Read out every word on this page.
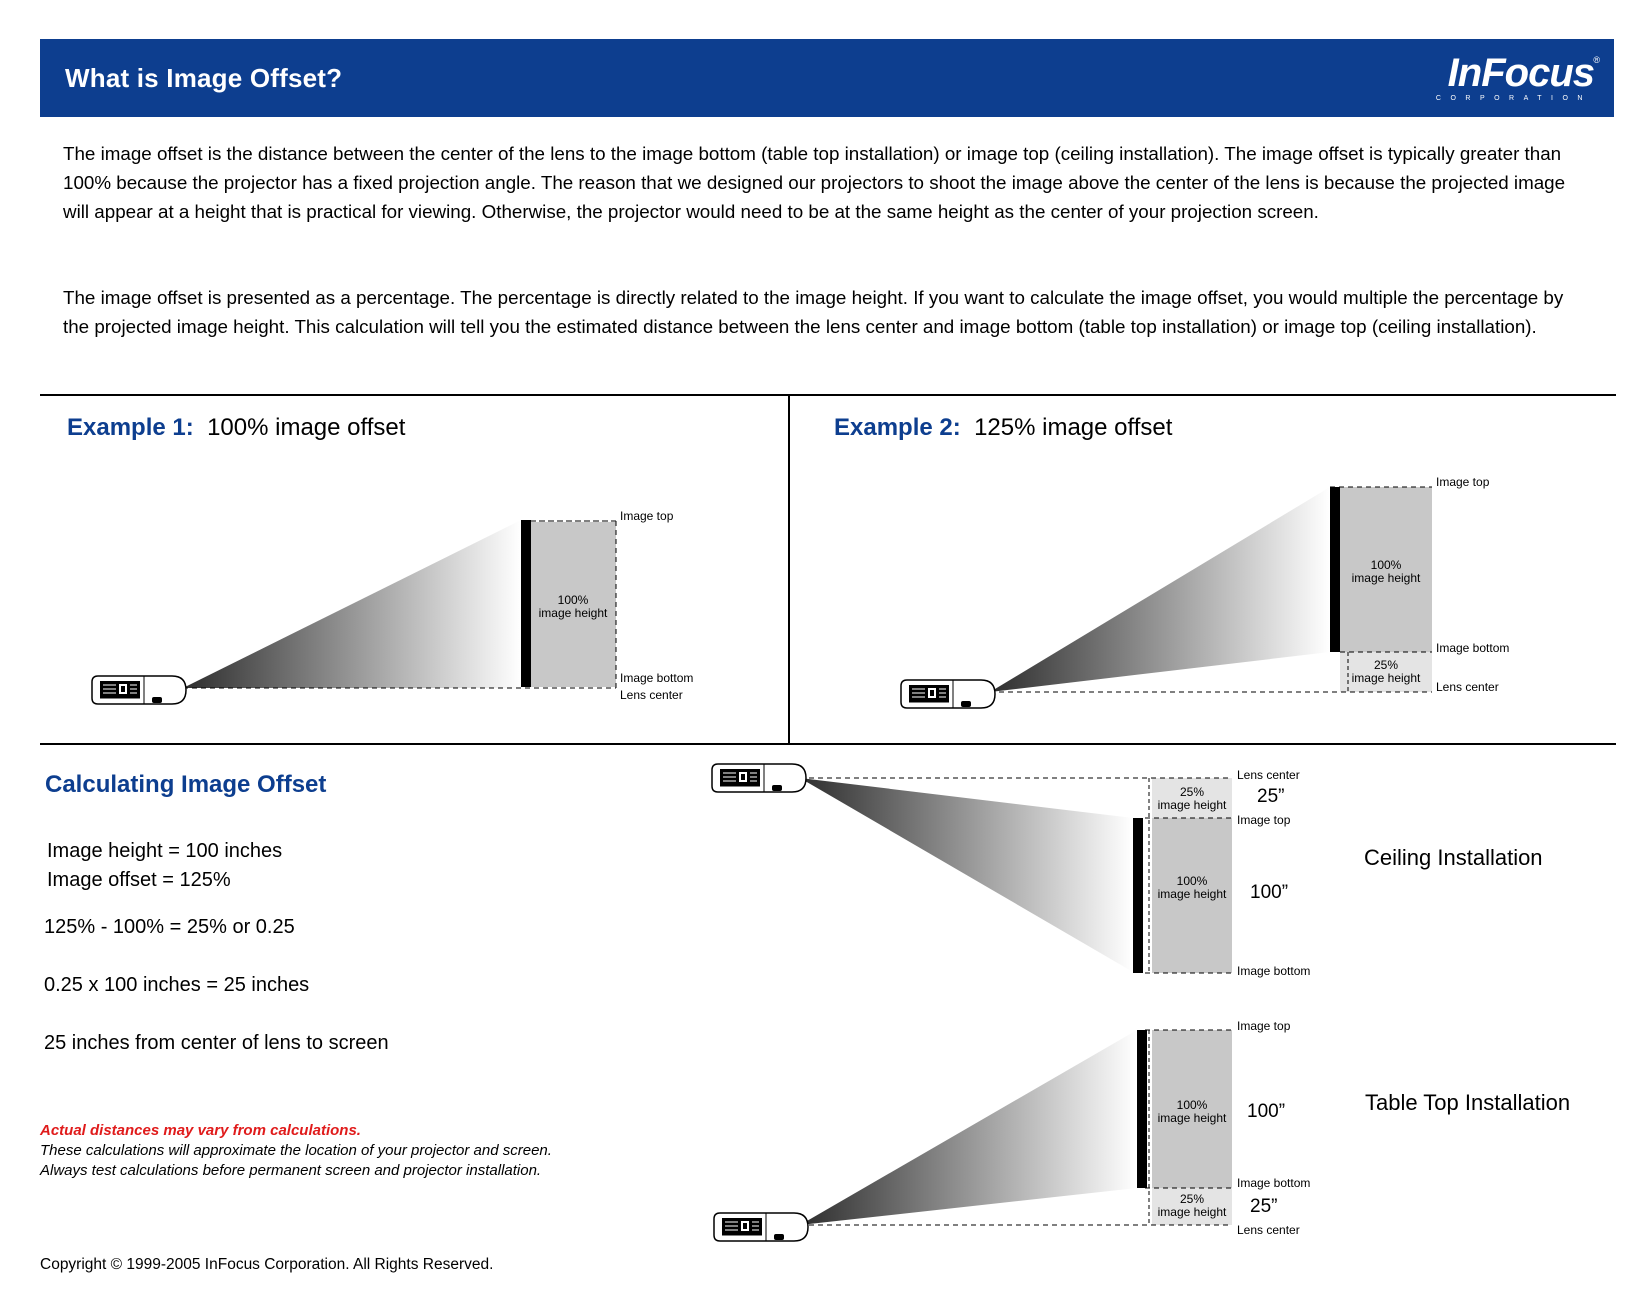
What is Image Offset?	InFocus ®
CORPORATION
The image offset is the distance between the center of the lens to the image bottom (table top installation) or image top (ceiling installation). The image offset is typically greater than 100% because the projector has a fixed projection angle. The reason that we designed our projectors to shoot the image above the center of the lens is because the projected image will appear at a height that is practical for viewing. Otherwise, the projector would need to be at the same height as the center of your projection screen.
The image offset is presented as a percentage. The percentage is directly related to the image height. If you want to calculate the image offset, you would multiple the percentage by the projected image height. This calculation will tell you the estimated distance between the lens center and image bottom (table top installation) or image top (ceiling installation).
Example 1: 100% image offset	Example 2: 125% image offset
Image top
Image bottom
Lens center
100%
image height
Image top
Image bottom
Lens center
100%
image height
25%
image height
Calculating Image Offset
Image height = 100 inches
Image offset = 125%
125% - 100% = 25% or 0.25
0.25 x 100 inches = 25 inches
25 inches from center of lens to screen
Actual distances may vary from calculations.
These calculations will approximate the location of your projector and screen.
Always test calculations before permanent screen and projector installation.
Lens center
Image top
Image bottom
25%
image height
100%
image height
25”
100”
Ceiling Installation
Image top
Image bottom
Lens center
100%
image height
25%
image height
100”
25”
Table Top Installation
Copyright © 1999-2005 InFocus Corporation. All Rights Reserved.
